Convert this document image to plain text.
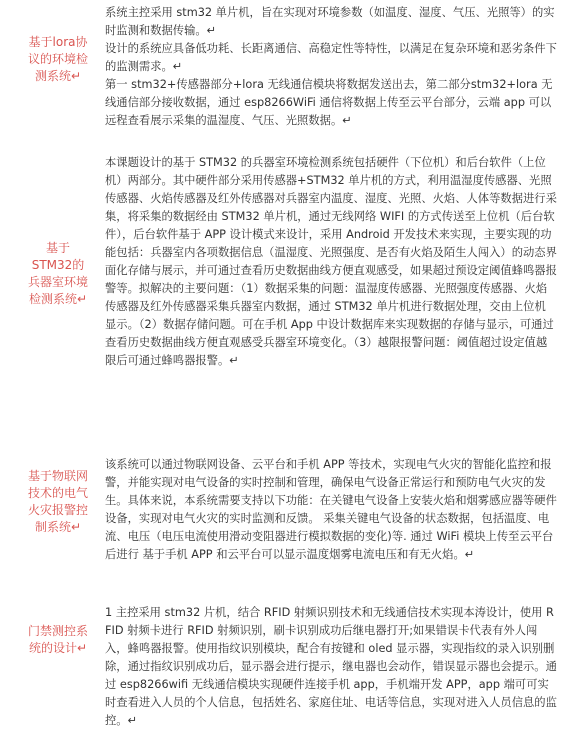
基于lora协议的环境检测系统↵

系统主控采用 stm32 单片机，旨在实现对环境参数（如温度、湿度、气压、光照等）的实时监测和数据传输。↵

设计的系统应具备低功耗、长距离通信、高稳定性等特性，以满足在复杂环境和恶劣条件下的监测需求。↵

第一 stm32+传感器部分+lora 无线通信模块将数据发送出去，第二部分stm32+lora 无线通信部分接收数据，通过 esp8266WiFi 通信将数据上传至云平台部分，云端 app 可以远程查看展示采集的温湿度、气压、光照数据。↵

基于STM32的兵器室环境检测系统↵

本课题设计的基于 STM32 的兵器室环境检测系统包括硬件（下位机）和后台软件（上位机）两部分。其中硬件部分采用传感器+STM32 单片机的方式，利用温湿度传感器、光照传感器、火焰传感器及红外传感器对兵器室内温度、湿度、光照、火焰、人体等数据进行采集，将采集的数据经由 STM32 单片机，通过无线网络 WIFI 的方式传送至上位机（后台软件），后台软件基于 APP 设计模式来设计，采用 Android 开发技术来实现，主要实现的功能包括：兵器室内各项数据信息（温湿度、光照强度、是否有火焰及陌生人闯入）的动态界面化存储与展示，并可通过查看历史数据曲线方便直观感受，如果超过预设定阈值蜂鸣器报警等。拟解决的主要问题：（1）数据采集的问题：温湿度传感器、光照强度传感器、火焰传感器及红外传感器采集兵器室内数据，通过 STM32 单片机进行数据处理，交由上位机显示。（2）数据存储问题。可在手机 App 中设计数据库来实现数据的存储与显示，可通过查看历史数据曲线方便直观感受兵器室环境变化。（3）越限报警问题：阈值超过设定值越限后可通过蜂鸣器报警。↵

基于物联网技术的电气火灾报警控制系统↵

该系统可以通过物联网设备、云平台和手机 APP 等技术，实现电气火灾的智能化监控和报警，并能实现对电气设备的实时控制和管理，确保电气设备正常运行和预防电气火灾的发生。具体来说，本系统需要支持以下功能：在关键电气设备上安装火焰和烟雾感应器等硬件设备，实现对电气火灾的实时监测和反馈。 采集关键电气设备的状态数据，包括温度、电流、电压（电压电流使用滑动变阻器进行模拟数据的变化)等. 通过 WiFi 模块上传至云平台后进行 基于手机 APP 和云平台可以显示温度烟雾电流电压和有无火焰。↵

门禁测控系统的设计↵

1 主控采用 stm32 片机，结合 RFID 射频识别技术和无线通信技术实现本涛设计，使用 RFID 射频卡进行 RFID 射频识别，刷卡识别成功后继电器打开;如果错误卡代表有外人闯入，蜂鸣器报警。使用指纹识别模块，配合有按键和 oled 显示器，实现指纹的录入识别删除，通过指纹识别成功后，显示器会进行提示，继电器也会动作，错误显示器也会提示。通过 esp8266wifi 无线通信模块实现硬件连接手机 app，手机端开发 APP，app 端可可实时查看进入人员的个人信息，包括姓名、家庭住址、电话等信息，实现对进入人员信息的监控。↵
